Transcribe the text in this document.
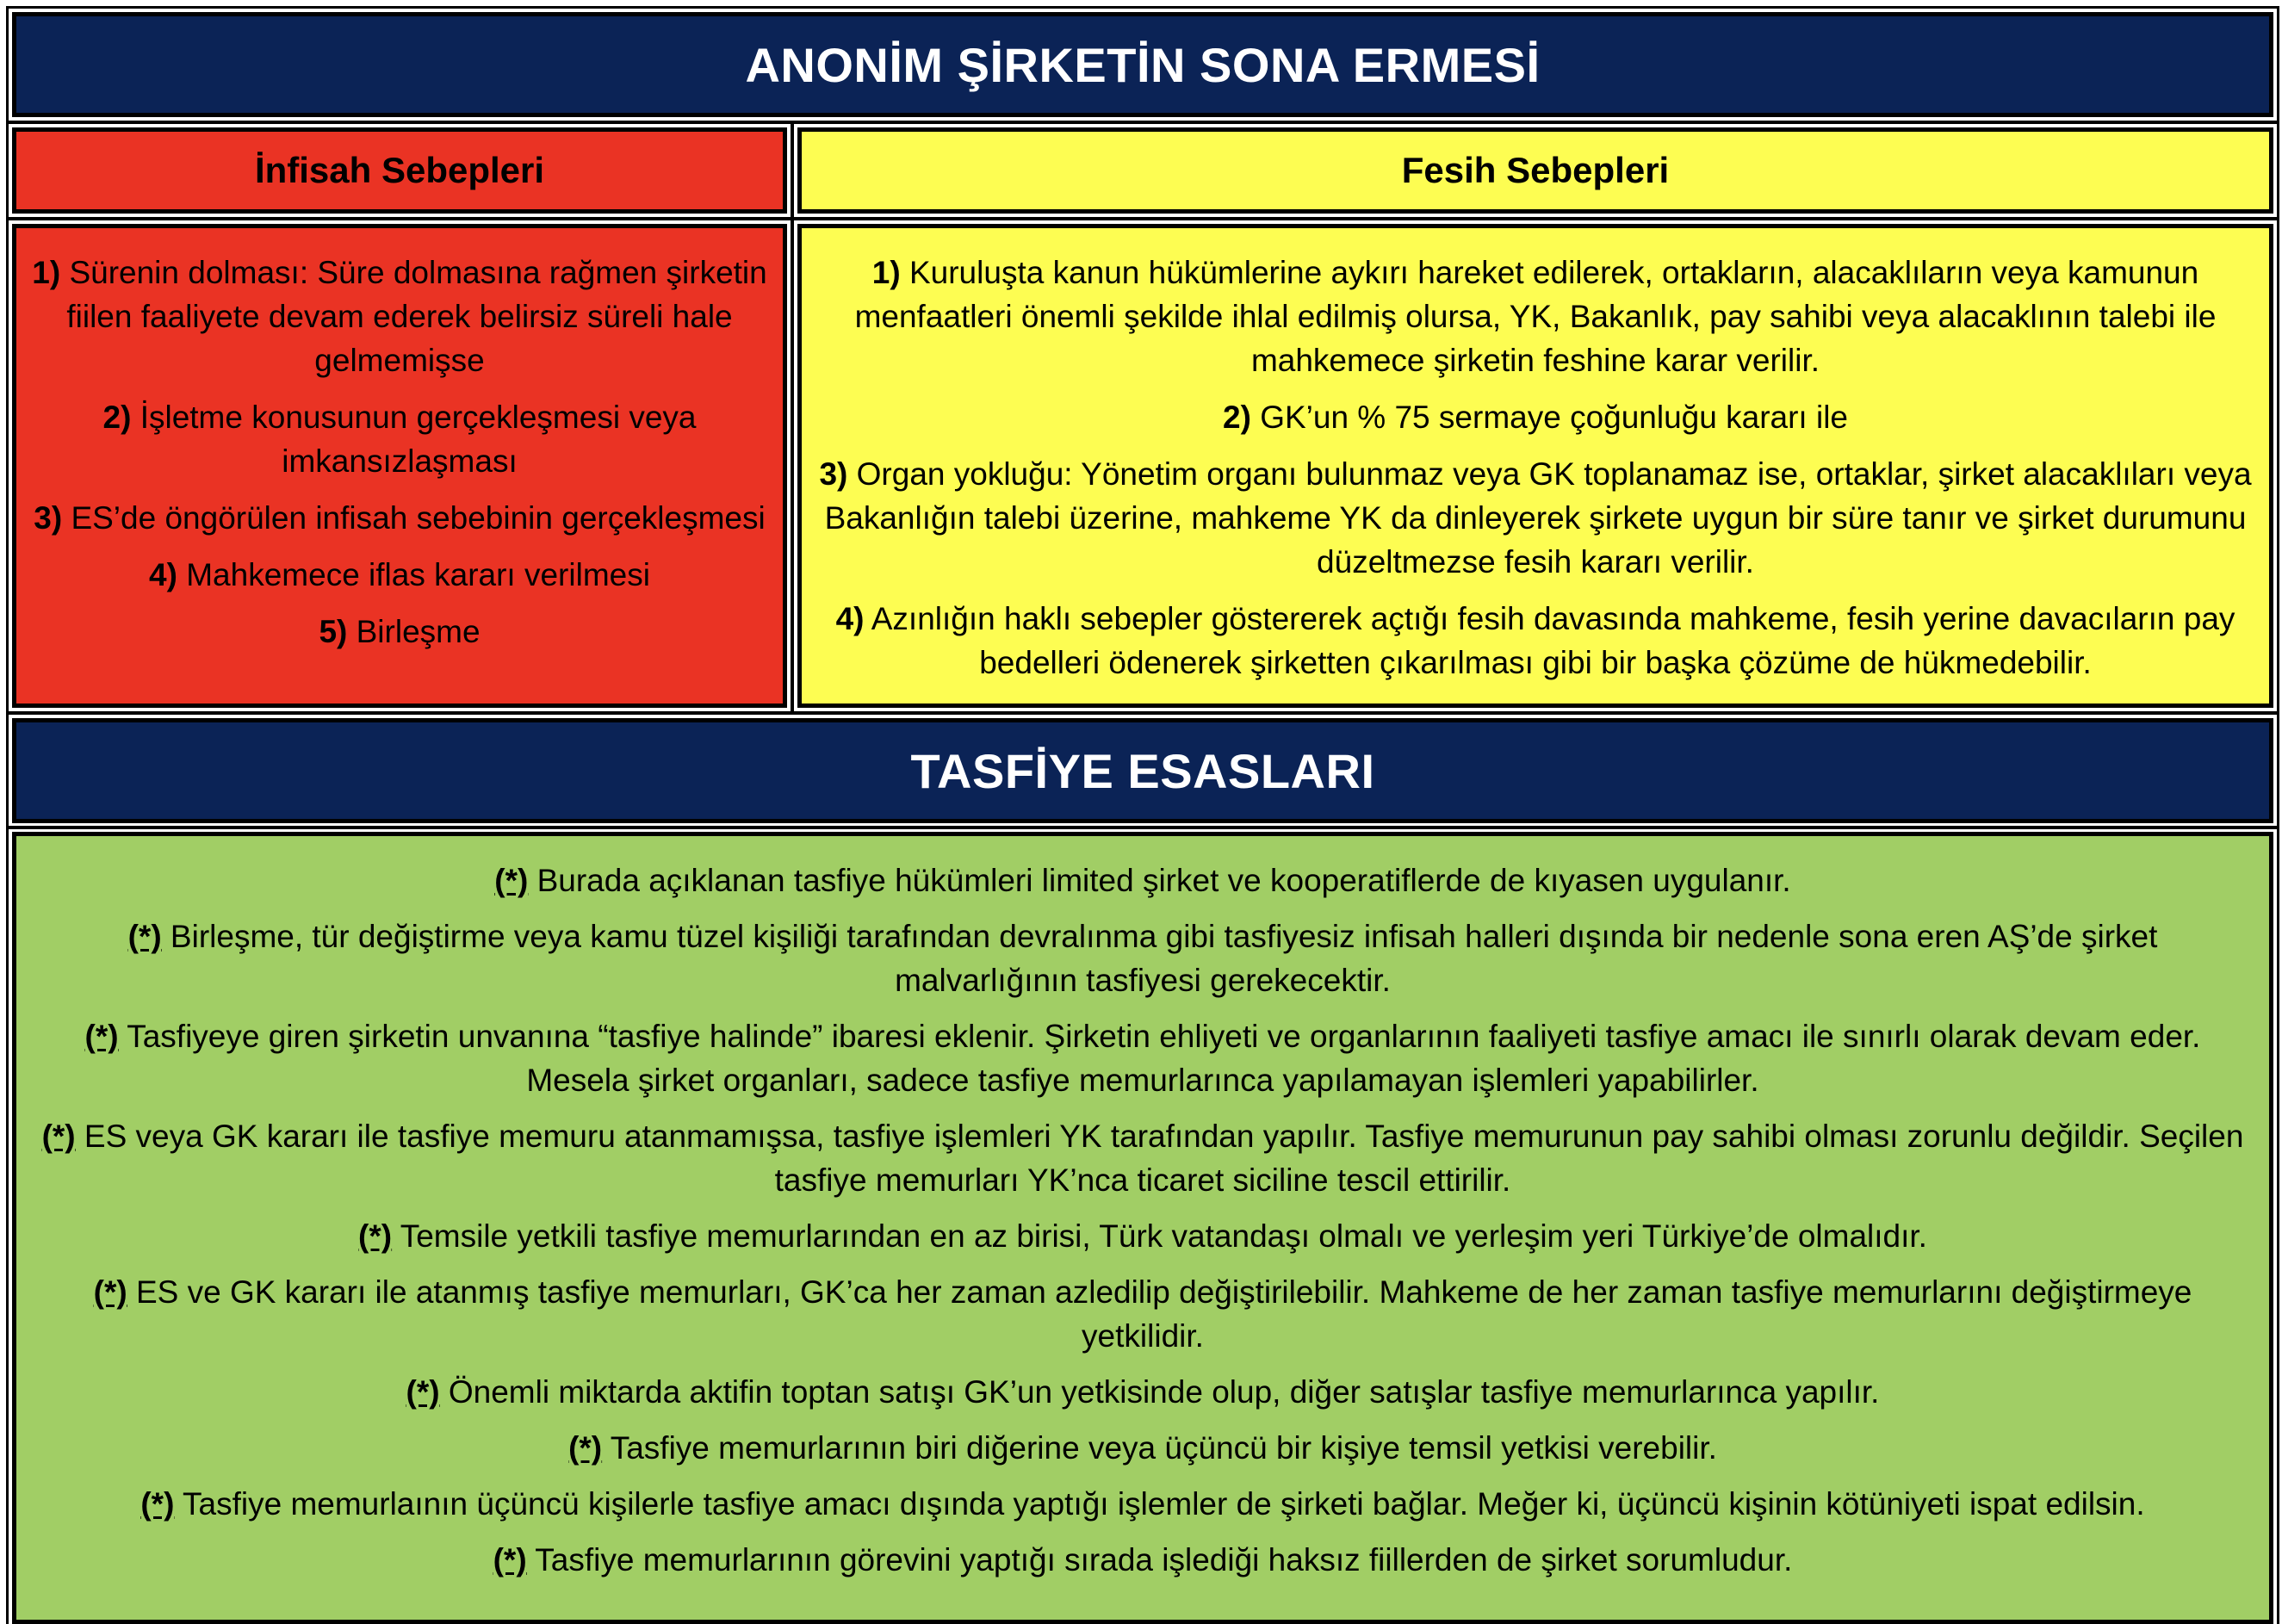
ANONİM ŞİRKETİN SONA ERMESİ
İnfisah Sebepleri	Fesih Sebepleri
1) Sürenin dolması: Süre dolmasına rağmen şirketin fiilen faaliyete devam ederek belirsiz süreli hale gelmemişse
2) İşletme konusunun gerçekleşmesi veya imkansızlaşması
3) ES’de öngörülen infisah sebebinin gerçekleşmesi
4) Mahkemece iflas kararı verilmesi
5) Birleşme
1) Kuruluşta kanun hükümlerine aykırı hareket edilerek, ortakların, alacaklıların veya kamunun menfaatleri önemli şekilde ihlal edilmiş olursa, YK, Bakanlık, pay sahibi veya alacaklının talebi ile mahkemece şirketin feshine karar verilir.
2) GK’un % 75 sermaye çoğunluğu kararı ile
3) Organ yokluğu: Yönetim organı bulunmaz veya GK toplanamaz ise, ortaklar, şirket alacaklıları veya Bakanlığın talebi üzerine, mahkeme YK da dinleyerek şirkete uygun bir süre tanır ve şirket durumunu düzeltmezse fesih kararı verilir.
4) Azınlığın haklı sebepler göstererek açtığı fesih davasında mahkeme, fesih yerine davacıların pay bedelleri ödenerek şirketten çıkarılması gibi bir başka çözüme de hükmedebilir.
TASFİYE ESASLARI
(*) Burada açıklanan tasfiye hükümleri limited şirket ve kooperatiflerde de kıyasen uygulanır.
(*) Birleşme, tür değiştirme veya kamu tüzel kişiliği tarafından devralınma gibi tasfiyesiz infisah halleri dışında bir nedenle sona eren AŞ’de şirket malvarlığının tasfiyesi gerekecektir.
(*) Tasfiyeye giren şirketin unvanına “tasfiye halinde” ibaresi eklenir. Şirketin ehliyeti ve organlarının faaliyeti tasfiye amacı ile sınırlı olarak devam eder. Mesela şirket organları, sadece tasfiye memurlarınca yapılamayan işlemleri yapabilirler.
(*) ES veya GK kararı ile tasfiye memuru atanmamışsa, tasfiye işlemleri YK tarafından yapılır. Tasfiye memurunun pay sahibi olması zorunlu değildir. Seçilen tasfiye memurları YK’nca ticaret siciline tescil ettirilir.
(*) Temsile yetkili tasfiye memurlarından en az birisi, Türk vatandaşı olmalı ve yerleşim yeri Türkiye’de olmalıdır.
(*) ES ve GK kararı ile atanmış tasfiye memurları, GK’ca her zaman azledilip değiştirilebilir. Mahkeme de her zaman tasfiye memurlarını değiştirmeye yetkilidir.
(*) Önemli miktarda aktifin toptan satışı GK’un yetkisinde olup, diğer satışlar tasfiye memurlarınca yapılır.
(*) Tasfiye memurlarının biri diğerine veya üçüncü bir kişiye temsil yetkisi verebilir.
(*) Tasfiye memurlaının üçüncü kişilerle tasfiye amacı dışında yaptığı işlemler de şirketi bağlar. Meğer ki, üçüncü kişinin kötüniyeti ispat edilsin.
(*) Tasfiye memurlarının görevini yaptığı sırada işlediği haksız fiillerden de şirket sorumludur.
